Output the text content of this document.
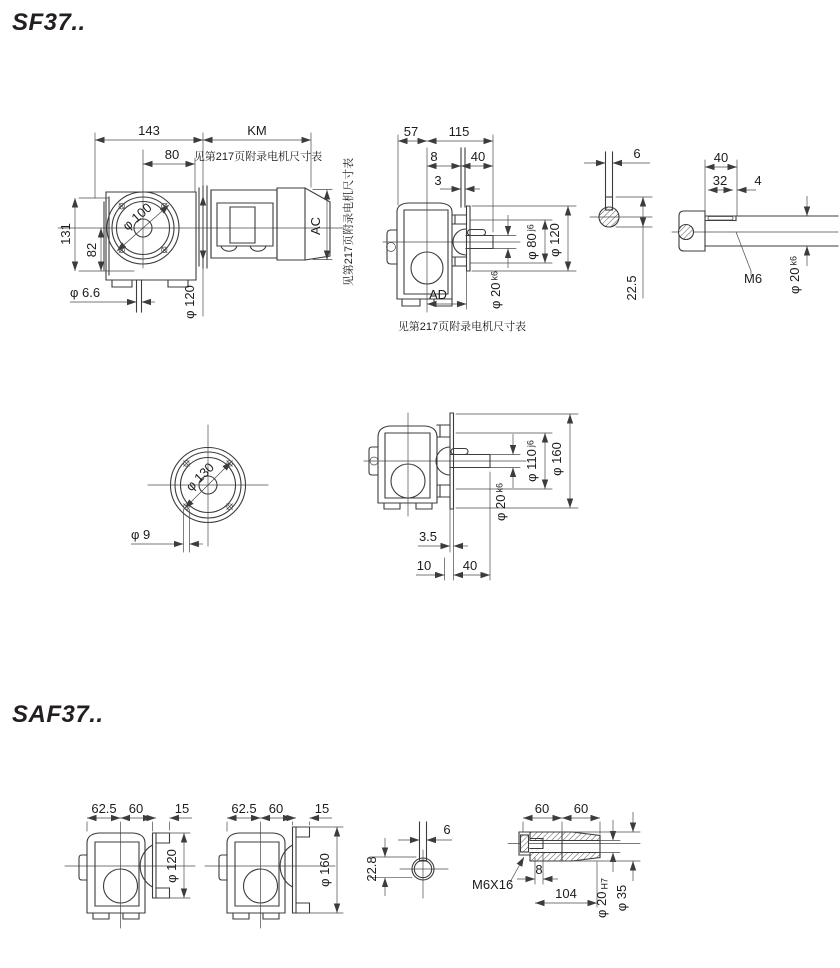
SF37..
SAF37..
φ 100
143	KM
见第217页附录电机尺寸表
80
131
82
φ 6.6	φ 120
AC 见第217页附录电机尺寸表
57 115
8	40
3
φ 80j6 φ 120
φ 20k6
AD
见第217页附录电机尺寸表
6
22.5
40
32 4
M6 φ 20k6
φ 130
φ 9
φ 110j6 φ 160
φ 20k6
3.5
10 40
62.5 60 15
φ 120
62.5 60 15
φ 160
6
22.8
60 60
M6X16
8
104 φ 20H7
φ 35
